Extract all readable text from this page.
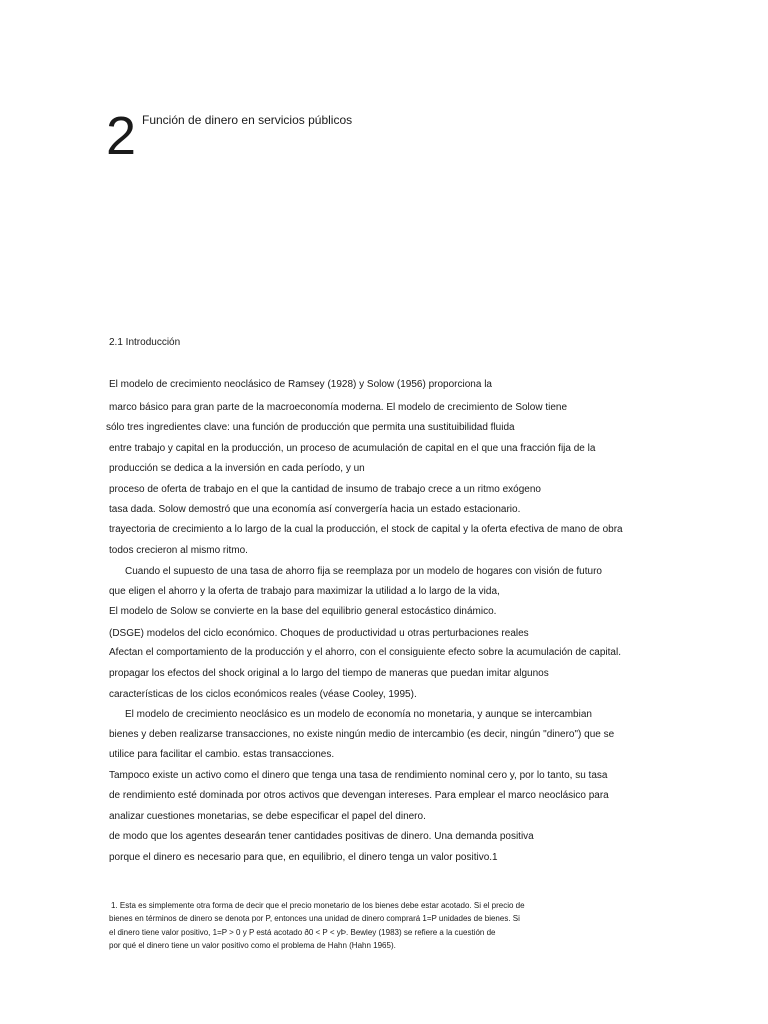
2 Función de dinero en servicios públicos
2.1 Introducción
El modelo de crecimiento neoclásico de Ramsey (1928) y Solow (1956) proporciona la
marco básico para gran parte de la macroeconomía moderna. El modelo de crecimiento de Solow tiene
sólo tres ingredientes clave: una función de producción que permita una sustituibilidad fluida
entre trabajo y capital en la producción, un proceso de acumulación de capital en el que una fracción fija de la
producción se dedica a la inversión en cada período, y un
proceso de oferta de trabajo en el que la cantidad de insumo de trabajo crece a un ritmo exógeno
tasa dada. Solow demostró que una economía así convergería hacia un estado estacionario.
trayectoria de crecimiento a lo largo de la cual la producción, el stock de capital y la oferta efectiva de mano de obra
todos crecieron al mismo ritmo.
Cuando el supuesto de una tasa de ahorro fija se reemplaza por un modelo de hogares con visión de futuro
que eligen el ahorro y la oferta de trabajo para maximizar la utilidad a lo largo de la vida,
El modelo de Solow se convierte en la base del equilibrio general estocástico dinámico.
(DSGE) modelos del ciclo económico. Choques de productividad u otras perturbaciones reales
Afectan el comportamiento de la producción y el ahorro, con el consiguiente efecto sobre la acumulación de capital.
propagar los efectos del shock original a lo largo del tiempo de maneras que puedan imitar algunos
características de los ciclos económicos reales (véase Cooley, 1995).
El modelo de crecimiento neoclásico es un modelo de economía no monetaria, y aunque se intercambian
bienes y deben realizarse transacciones, no existe ningún medio de intercambio (es decir, ningún "dinero") que se
utilice para facilitar el cambio. estas transacciones.
Tampoco existe un activo como el dinero que tenga una tasa de rendimiento nominal cero y, por lo tanto, su tasa
de rendimiento esté dominada por otros activos que devengan intereses. Para emplear el marco neoclásico para
analizar cuestiones monetarias, se debe especificar el papel del dinero.
de modo que los agentes desearán tener cantidades positivas de dinero. Una demanda positiva
porque el dinero es necesario para que, en equilibrio, el dinero tenga un valor positivo.1
1. Esta es simplemente otra forma de decir que el precio monetario de los bienes debe estar acotado. Si el precio de
bienes en términos de dinero se denota por P, entonces una unidad de dinero comprará 1=P unidades de bienes. Si
el dinero tiene valor positivo, 1=P > 0 y P está acotado ð0 < P < yÞ. Bewley (1983) se refiere a la cuestión de
por qué el dinero tiene un valor positivo como el problema de Hahn (Hahn 1965).
